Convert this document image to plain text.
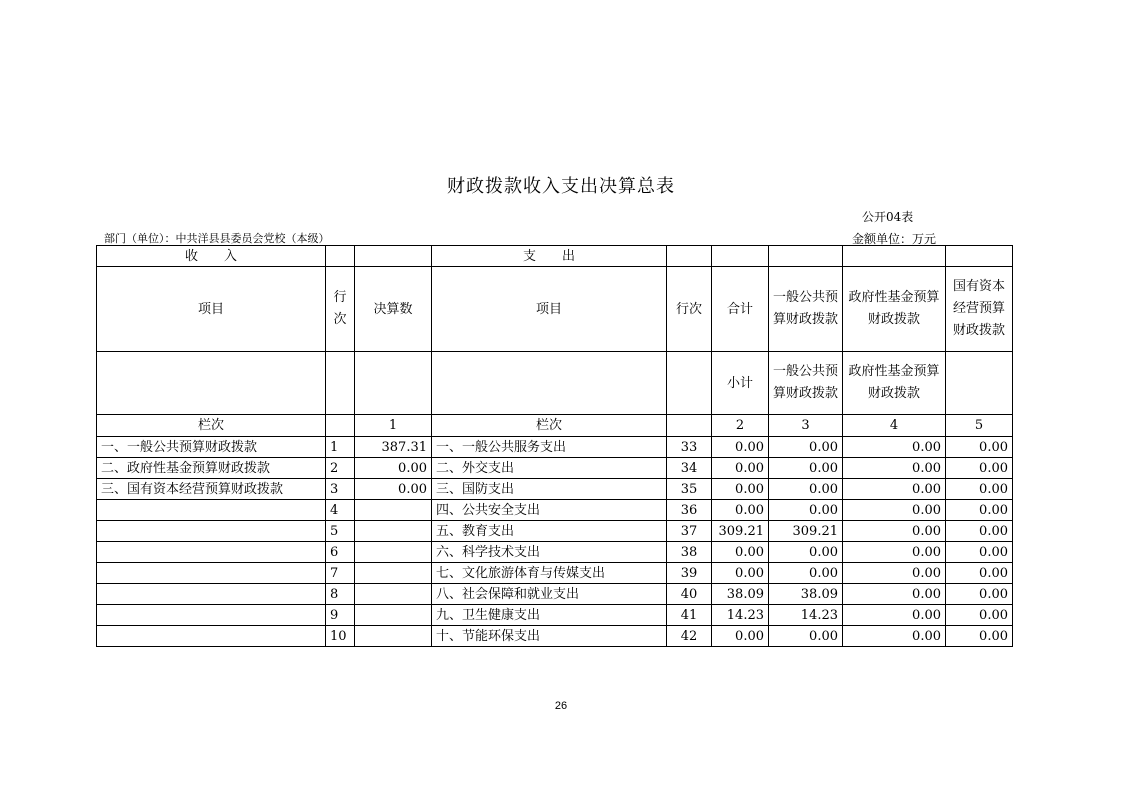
财政拨款收入支出决算总表
公开04表
部门（单位）：中共洋县县委员会党校（本级）	金额单位：万元
收　　入			支　　出					
项目	行次	决算数	项目	行次	合计	一般公共预算财政拨款	政府性基金预算财政拨款	国有资本经营预算财政拨款
					小计	一般公共预算财政拨款	政府性基金预算财政拨款	
栏次		1	栏次		2	3	4	5
一、一般公共预算财政拨款	1	387.31	一、一般公共服务支出	33	0.00	0.00	0.00	0.00
二、政府性基金预算财政拨款	2	0.00	二、外交支出	34	0.00	0.00	0.00	0.00
三、国有资本经营预算财政拨款	3	0.00	三、国防支出	35	0.00	0.00	0.00	0.00
	4		四、公共安全支出	36	0.00	0.00	0.00	0.00
	5		五、教育支出	37	309.21	309.21	0.00	0.00
	6		六、科学技术支出	38	0.00	0.00	0.00	0.00
	7		七、文化旅游体育与传媒支出	39	0.00	0.00	0.00	0.00
	8		八、社会保障和就业支出	40	38.09	38.09	0.00	0.00
	9		九、卫生健康支出	41	14.23	14.23	0.00	0.00
	10		十、节能环保支出	42	0.00	0.00	0.00	0.00
26
